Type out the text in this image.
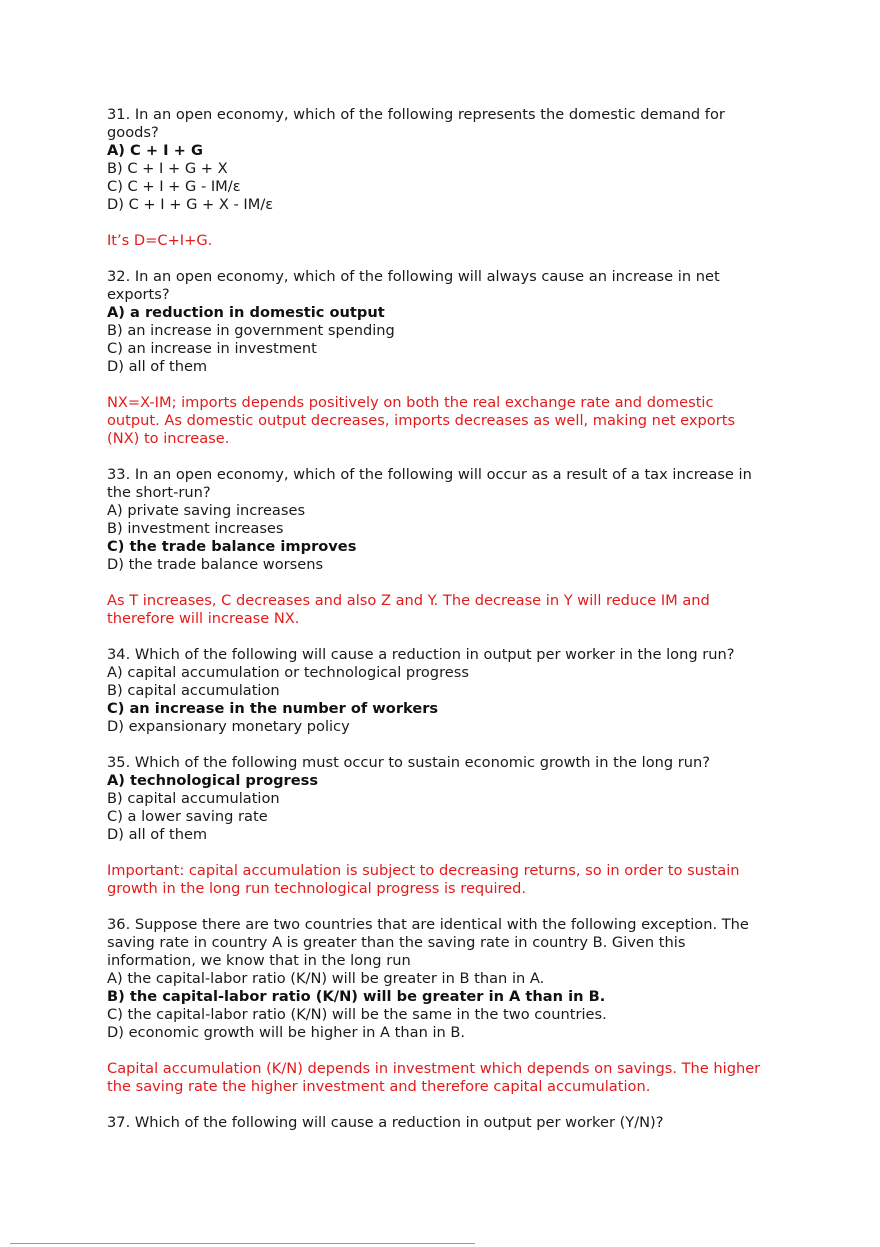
31. In an open economy, which of the following represents the domestic demand for
goods?
A) C + I + G
B) C + I + G + X
C) C + I + G - IM/ε
D) C + I + G + X - IM/ε
It’s D=C+I+G.
32. In an open economy, which of the following will always cause an increase in net
exports?
A) a reduction in domestic output
B) an increase in government spending
C) an increase in investment
D) all of them
NX=X-IM; imports depends positively on both the real exchange rate and domestic
output. As domestic output decreases, imports decreases as well, making net exports
(NX) to increase.
33. In an open economy, which of the following will occur as a result of a tax increase in
the short-run?
A) private saving increases
B) investment increases
C) the trade balance improves
D) the trade balance worsens
As T increases, C decreases and also Z and Y. The decrease in Y will reduce IM and
therefore will increase NX.
34. Which of the following will cause a reduction in output per worker in the long run?
A) capital accumulation or technological progress
B) capital accumulation
C) an increase in the number of workers
D) expansionary monetary policy
35. Which of the following must occur to sustain economic growth in the long run?
A) technological progress
B) capital accumulation
C) a lower saving rate
D) all of them
Important: capital accumulation is subject to decreasing returns, so in order to sustain
growth in the long run technological progress is required.
36. Suppose there are two countries that are identical with the following exception. The
saving rate in country A is greater than the saving rate in country B. Given this
information, we know that in the long run
A) the capital-labor ratio (K/N) will be greater in B than in A.
B) the capital-labor ratio (K/N) will be greater in A than in B.
C) the capital-labor ratio (K/N) will be the same in the two countries.
D) economic growth will be higher in A than in B.
Capital accumulation (K/N) depends in investment which depends on savings. The higher
the saving rate the higher investment and therefore capital accumulation.
37. Which of the following will cause a reduction in output per worker (Y/N)?
